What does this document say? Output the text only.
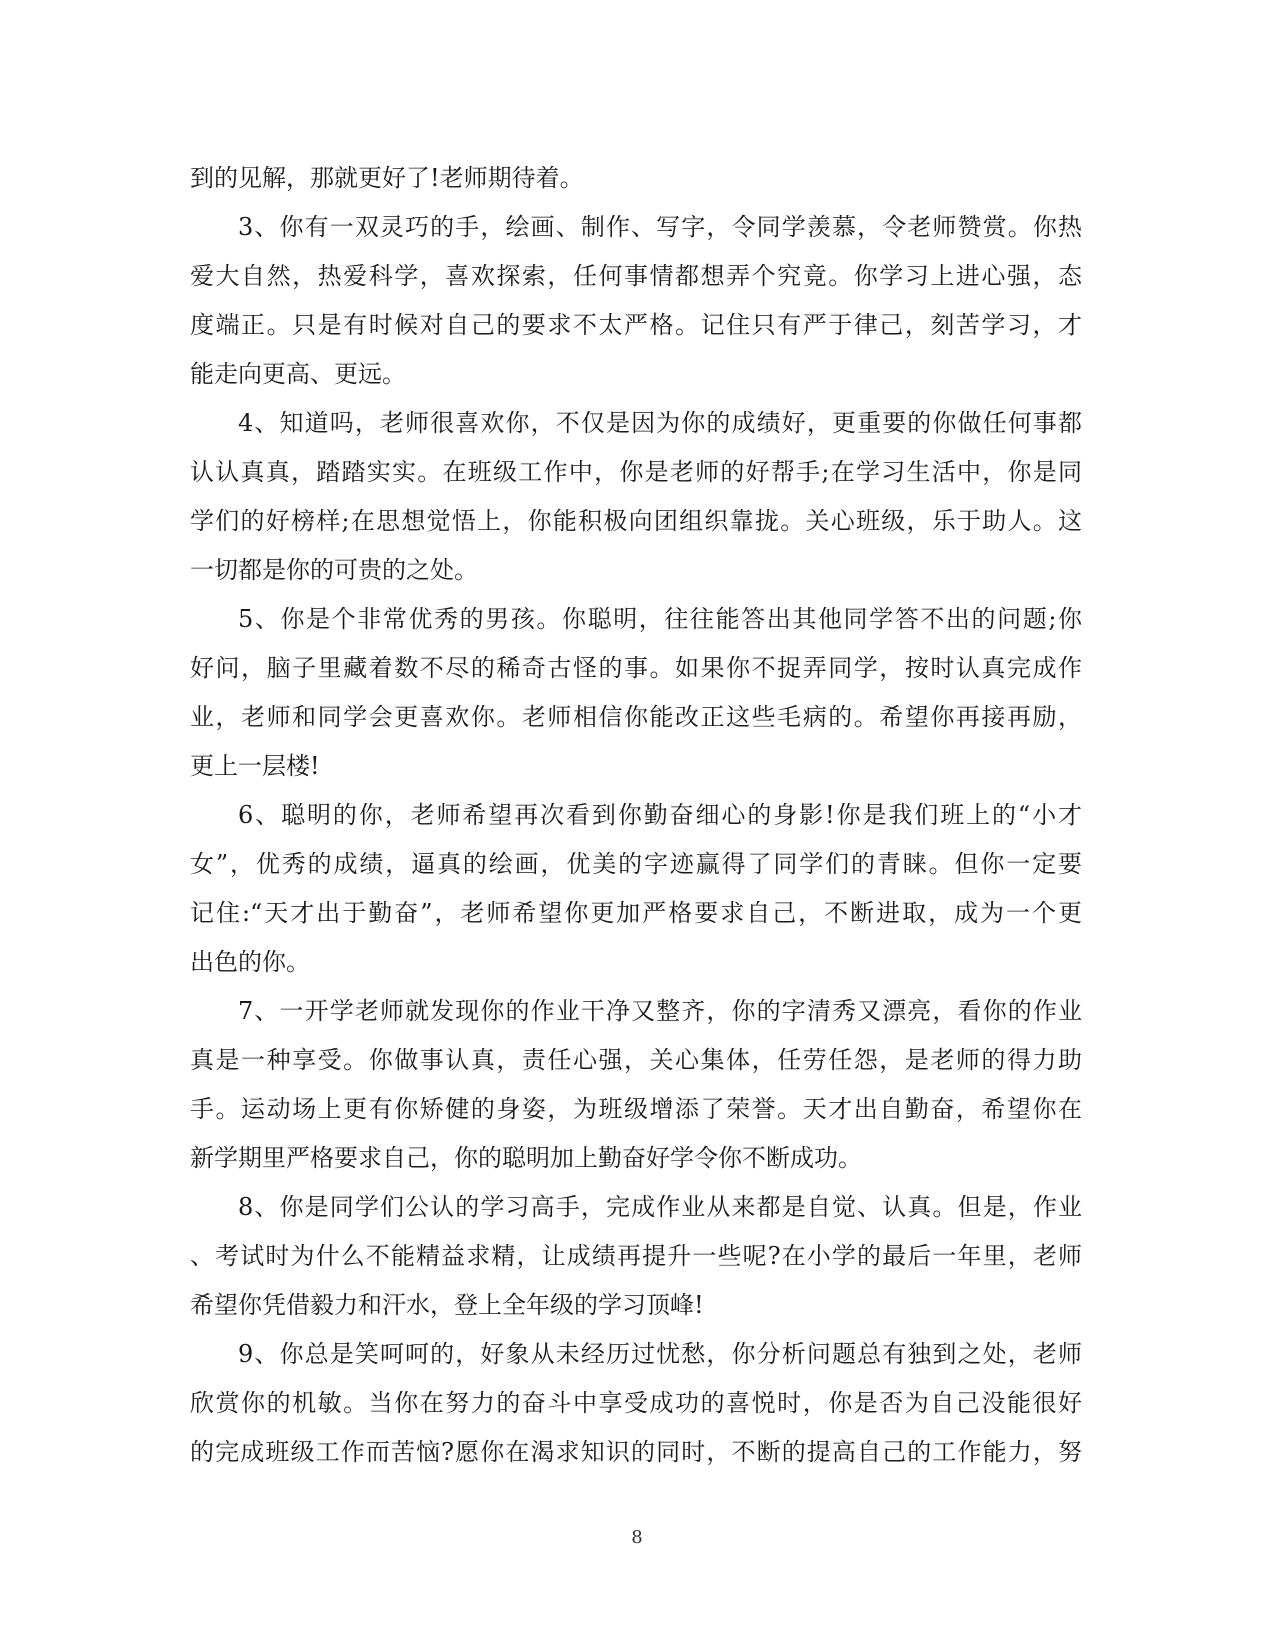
到的见解，那就更好了!老师期待着。
3、你有一双灵巧的手，绘画、制作、写字，令同学羡慕，令老师赞赏。你热
爱大自然，热爱科学，喜欢探索，任何事情都想弄个究竟。你学习上进心强，态
度端正。只是有时候对自己的要求不太严格。记住只有严于律己，刻苦学习，才
能走向更高、更远。
4、知道吗，老师很喜欢你，不仅是因为你的成绩好，更重要的你做任何事都
认认真真，踏踏实实。在班级工作中，你是老师的好帮手;在学习生活中，你是同
学们的好榜样;在思想觉悟上，你能积极向团组织靠拢。关心班级，乐于助人。这
一切都是你的可贵的之处。
5、你是个非常优秀的男孩。你聪明，往往能答出其他同学答不出的问题;你
好问，脑子里藏着数不尽的稀奇古怪的事。如果你不捉弄同学，按时认真完成作
业，老师和同学会更喜欢你。老师相信你能改正这些毛病的。希望你再接再励，
更上一层楼!
6、聪明的你，老师希望再次看到你勤奋细心的身影!你是我们班上的“小才
女”，优秀的成绩，逼真的绘画，优美的字迹赢得了同学们的青睐。但你一定要
记住:“天才出于勤奋”，老师希望你更加严格要求自己，不断进取，成为一个更
出色的你。
7、一开学老师就发现你的作业干净又整齐，你的字清秀又漂亮，看你的作业
真是一种享受。你做事认真，责任心强，关心集体，任劳任怨，是老师的得力助
手。运动场上更有你矫健的身姿，为班级增添了荣誉。天才出自勤奋，希望你在
新学期里严格要求自己，你的聪明加上勤奋好学令你不断成功。
8、你是同学们公认的学习高手，完成作业从来都是自觉、认真。但是，作业
、考试时为什么不能精益求精，让成绩再提升一些呢?在小学的最后一年里，老师
希望你凭借毅力和汗水，登上全年级的学习顶峰!
9、你总是笑呵呵的，好象从未经历过忧愁，你分析问题总有独到之处，老师
欣赏你的机敏。当你在努力的奋斗中享受成功的喜悦时，你是否为自己没能很好
的完成班级工作而苦恼?愿你在渴求知识的同时，不断的提高自己的工作能力，努
8
